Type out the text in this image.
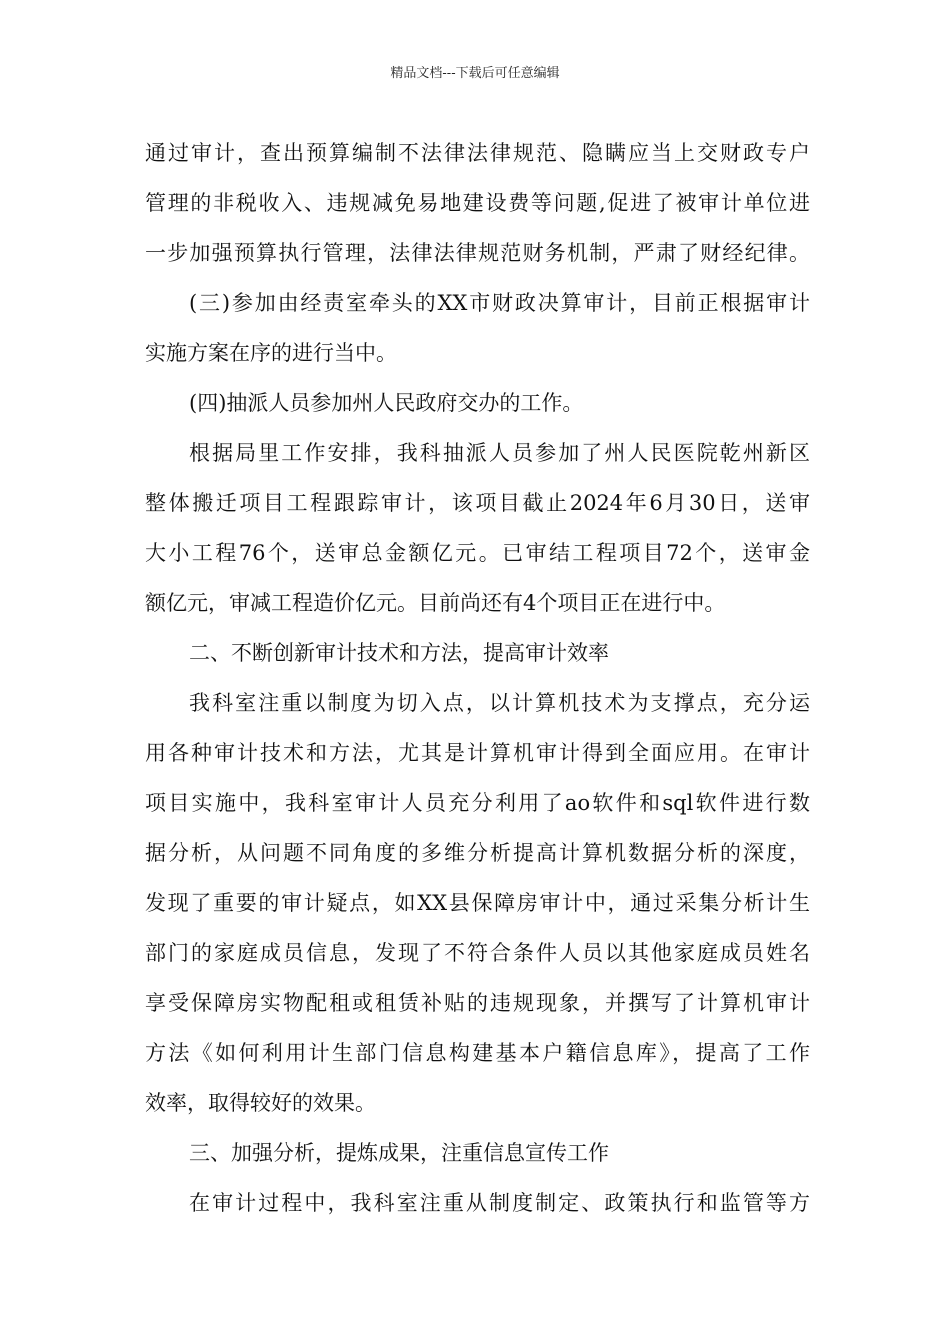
精品文档---下载后可任意编辑
通过审计，查出预算编制不法律法律规范、隐瞒应当上交财政专户
管理的非税收入、违规减免易地建设费等问题,促进了被审计单位进
一步加强预算执行管理，法律法律规范财务机制，严肃了财经纪律。
(三)参加由经责室牵头的XX市财政决算审计，目前正根据审计
实施方案在序的进行当中。
(四)抽派人员参加州人民政府交办的工作。
根据局里工作安排，我科抽派人员参加了州人民医院乾州新区
整体搬迁项目工程跟踪审计，该项目截止2024年6月30日，送审
大小工程76个，送审总金额亿元。已审结工程项目72个，送审金
额亿元，审减工程造价亿元。目前尚还有4个项目正在进行中。
二、不断创新审计技术和方法，提高审计效率
我科室注重以制度为切入点，以计算机技术为支撑点，充分运
用各种审计技术和方法，尤其是计算机审计得到全面应用。在审计
项目实施中，我科室审计人员充分利用了ao软件和sql软件进行数
据分析，从问题不同角度的多维分析提高计算机数据分析的深度，
发现了重要的审计疑点，如XX县保障房审计中，通过采集分析计生
部门的家庭成员信息，发现了不符合条件人员以其他家庭成员姓名
享受保障房实物配租或租赁补贴的违规现象，并撰写了计算机审计
方法《如何利用计生部门信息构建基本户籍信息库》，提高了工作
效率，取得较好的效果。
三、加强分析，提炼成果，注重信息宣传工作
在审计过程中，我科室注重从制度制定、政策执行和监管等方
